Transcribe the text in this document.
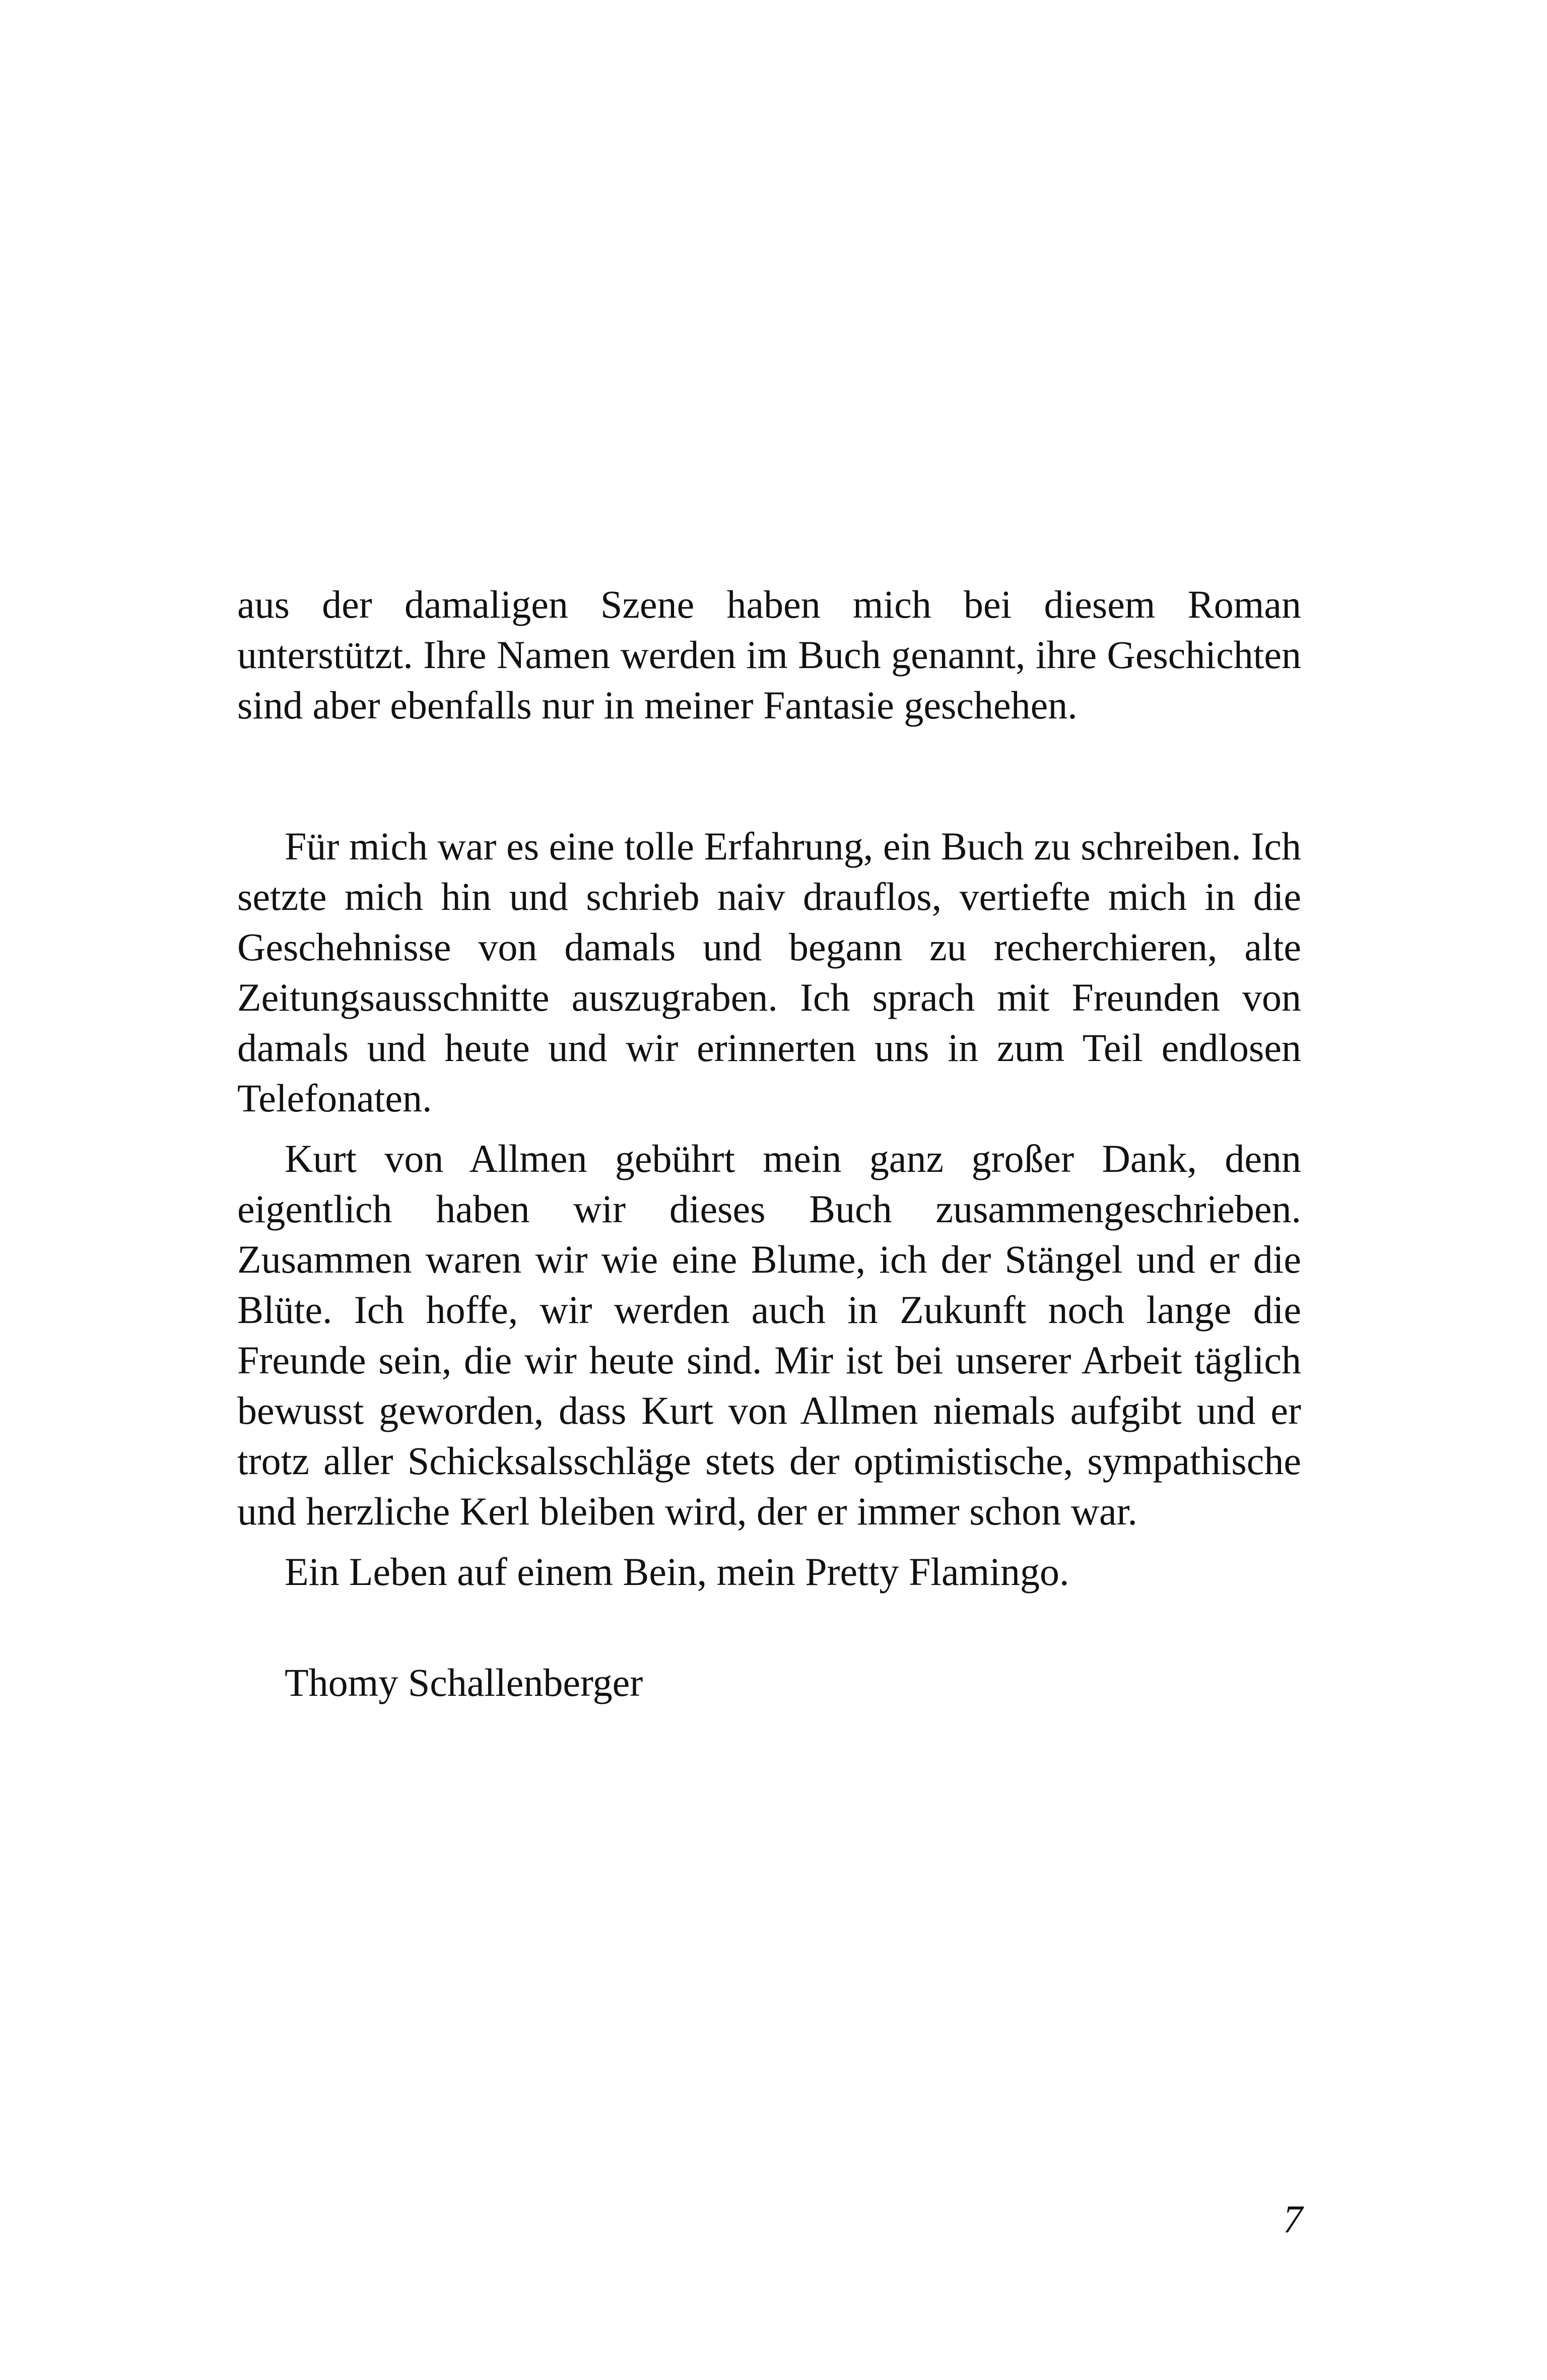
aus der damaligen Szene haben mich bei diesem Roman unterstützt. Ihre Namen werden im Buch genannt, ihre Geschichten sind aber ebenfalls nur in meiner Fantasie geschehen.

Für mich war es eine tolle Erfahrung, ein Buch zu schreiben. Ich setzte mich hin und schrieb naiv drauflos, vertiefte mich in die Geschehnisse von damals und begann zu recherchieren, alte Zeitungsausschnitte auszugraben. Ich sprach mit Freunden von damals und heute und wir erinnerten uns in zum Teil endlosen Telefonaten.

Kurt von Allmen gebührt mein ganz großer Dank, denn eigentlich haben wir dieses Buch zusammengeschrieben. Zusammen waren wir wie eine Blume, ich der Stängel und er die Blüte. Ich hoffe, wir werden auch in Zukunft noch lange die Freunde sein, die wir heute sind. Mir ist bei unserer Arbeit täglich bewusst geworden, dass Kurt von Allmen niemals aufgibt und er trotz aller Schicksalsschläge stets der optimistische, sympathische und herzliche Kerl bleiben wird, der er immer schon war.

Ein Leben auf einem Bein, mein Pretty Flamingo.

Thomy Schallenberger

7
